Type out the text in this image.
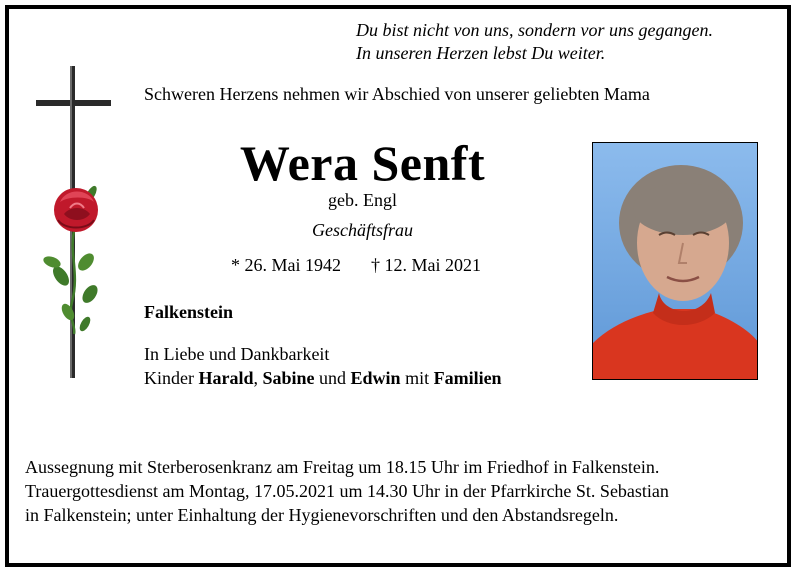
Du bist nicht von uns, sondern vor uns gegangen.
In unseren Herzen lebst Du weiter.
Schweren Herzens nehmen wir Abschied von unserer geliebten Mama
Wera Senft
geb. Engl
Geschäftsfrau
* 26. Mai 1942 † 12. Mai 2021
Falkenstein
In Liebe und Dankbarkeit
Kinder Harald, Sabine und Edwin mit Familien
Aussegnung mit Sterberosenkranz am Freitag um 18.15 Uhr im Friedhof in Falkenstein.
Trauergottesdienst am Montag, 17.05.2021 um 14.30 Uhr in der Pfarrkirche St. Sebastian
in Falkenstein; unter Einhaltung der Hygienevorschriften und den Abstandsregeln.
